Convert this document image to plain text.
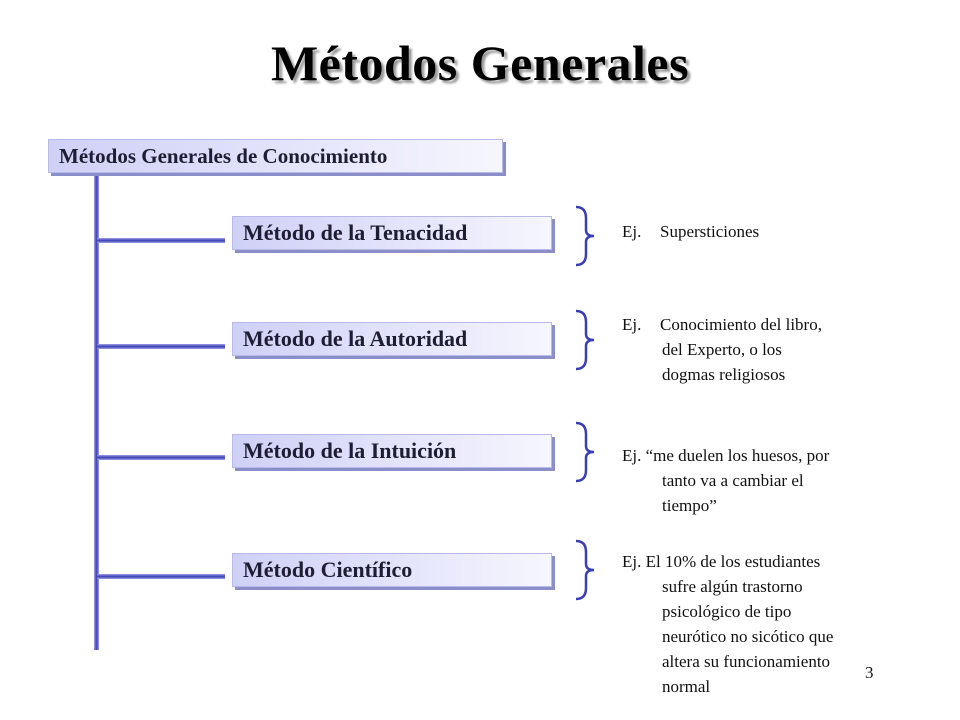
Métodos Generales
Métodos Generales de Conocimiento
Método de la Tenacidad
Método de la Autoridad
Método de la Intuición
Método Científico
Ej. Supersticiones
Ej. Conocimiento del libro,
del Experto, o los
dogmas religiosos
Ej. “me duelen los huesos, por
tanto va a cambiar el
tiempo”
Ej. El 10% de los estudiantes
sufre algún trastorno
psicológico de tipo
neurótico no sicótico que
altera su funcionamiento
normal
3
